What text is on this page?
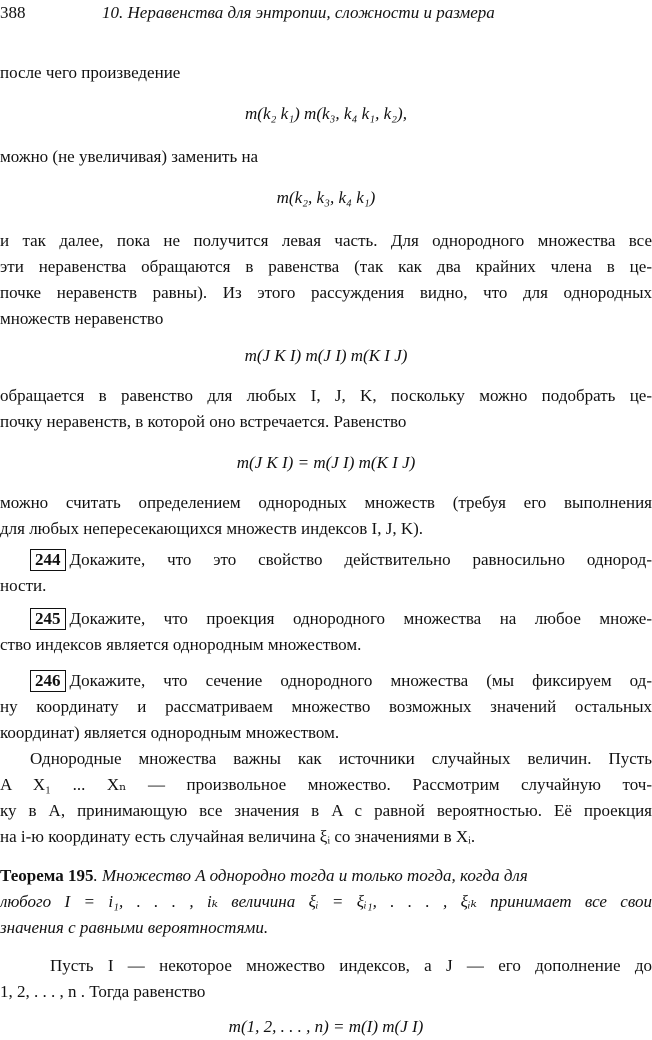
388	10. Неравенства для энтропии, сложности и размера
после чего произведение
m(k₂ k₁) m(k₃, k₄ k₁, k₂),
можно (не увеличивая) заменить на
m(k₂, k₃, k₄ k₁)
и так далее, пока не получится левая часть. Для однородного множества все
эти неравенства обращаются в равенства (так как два крайних члена в це-
почке неравенств равны). Из этого рассуждения видно, что для однородных
множеств неравенство
m(J K I) m(J I) m(K I J)
обращается в равенство для любых I, J, K, поскольку можно подобрать це-
почку неравенств, в которой оно встречается. Равенство
m(J K I) = m(J I) m(K I J)
можно считать определением однородных множеств (требуя его выполнения
для любых непересекающихся множеств индексов I, J, K).
244 Докажите, что это свойство действительно равносильно однород-
ности.
245 Докажите, что проекция однородного множества на любое множе-
ство индексов является однородным множеством.
246 Докажите, что сечение однородного множества (мы фиксируем од-
ну координату и рассматриваем множество возможных значений остальных
координат) является однородным множеством.
Однородные множества важны как источники случайных величин. Пусть
A X₁ ... Xₙ — произвольное множество. Рассмотрим случайную точ-
ку в A, принимающую все значения в A с равной вероятностью. Её проекция
на i-ю координату есть случайная величина ξᵢ со значениями в Xᵢ.
Теорема 195. Множество A однородно тогда и только тогда, когда для
любого I = i₁, . . . , iₖ величина ξᵢ = ξᵢ₁, . . . , ξᵢₖ принимает все свои
значения с равными вероятностями.
Пусть I — некоторое множество индексов, а J — его дополнение до
1, 2, . . . , n . Тогда равенство
m(1, 2, . . . , n) = m(I) m(J I)
